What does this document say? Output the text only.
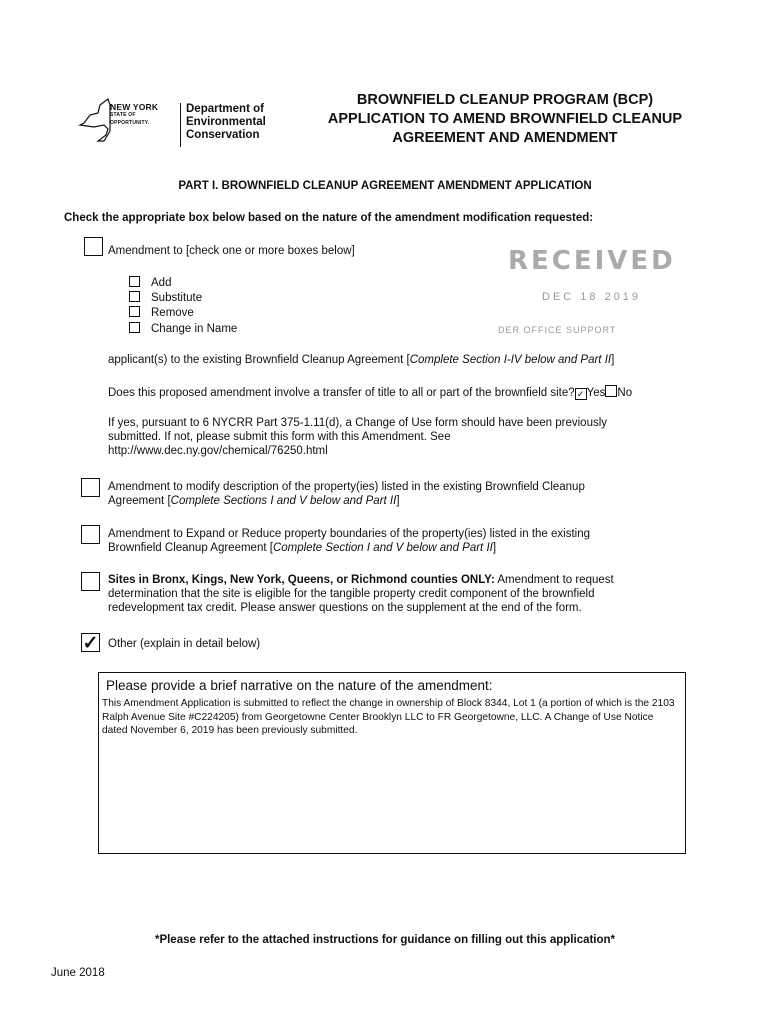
NEW YORK
STATE OF
OPPORTUNITY.
Department of
Environmental
Conservation
BROWNFIELD CLEANUP PROGRAM (BCP)
APPLICATION TO AMEND BROWNFIELD CLEANUP
AGREEMENT AND AMENDMENT
PART I. BROWNFIELD CLEANUP AGREEMENT AMENDMENT APPLICATION
Check the appropriate box below based on the nature of the amendment modification requested:
RECEIVED
DEC 18 2019
DER OFFICE SUPPORT
Amendment to [check one or more boxes below]
Add
Substitute
Remove
Change in Name
applicant(s) to the existing Brownfield Cleanup Agreement [Complete Section I-IV below and Part II]
Does this proposed amendment involve a transfer of title to all or part of the brownfield site? ✓ Yes No
If yes, pursuant to 6 NYCRR Part 375-1.11(d), a Change of Use form should have been previously
submitted. If not, please submit this form with this Amendment. See
http://www.dec.ny.gov/chemical/76250.html
Amendment to modify description of the property(ies) listed in the existing Brownfield Cleanup
Agreement [Complete Sections I and V below and Part II]
Amendment to Expand or Reduce property boundaries of the property(ies) listed in the existing
Brownfield Cleanup Agreement [Complete Section I and V below and Part II]
Sites in Bronx, Kings, New York, Queens, or Richmond counties ONLY: Amendment to request
determination that the site is eligible for the tangible property credit component of the brownfield
redevelopment tax credit. Please answer questions on the supplement at the end of the form.
✓ Other (explain in detail below)
Please provide a brief narrative on the nature of the amendment:
This Amendment Application is submitted to reflect the change in ownership of Block 8344, Lot 1 (a portion of which is the 2103 Ralph Avenue Site #C224205) from Georgetowne Center Brooklyn LLC to FR Georgetowne, LLC. A Change of Use Notice dated November 6, 2019 has been previously submitted.
*Please refer to the attached instructions for guidance on filling out this application*
June 2018
